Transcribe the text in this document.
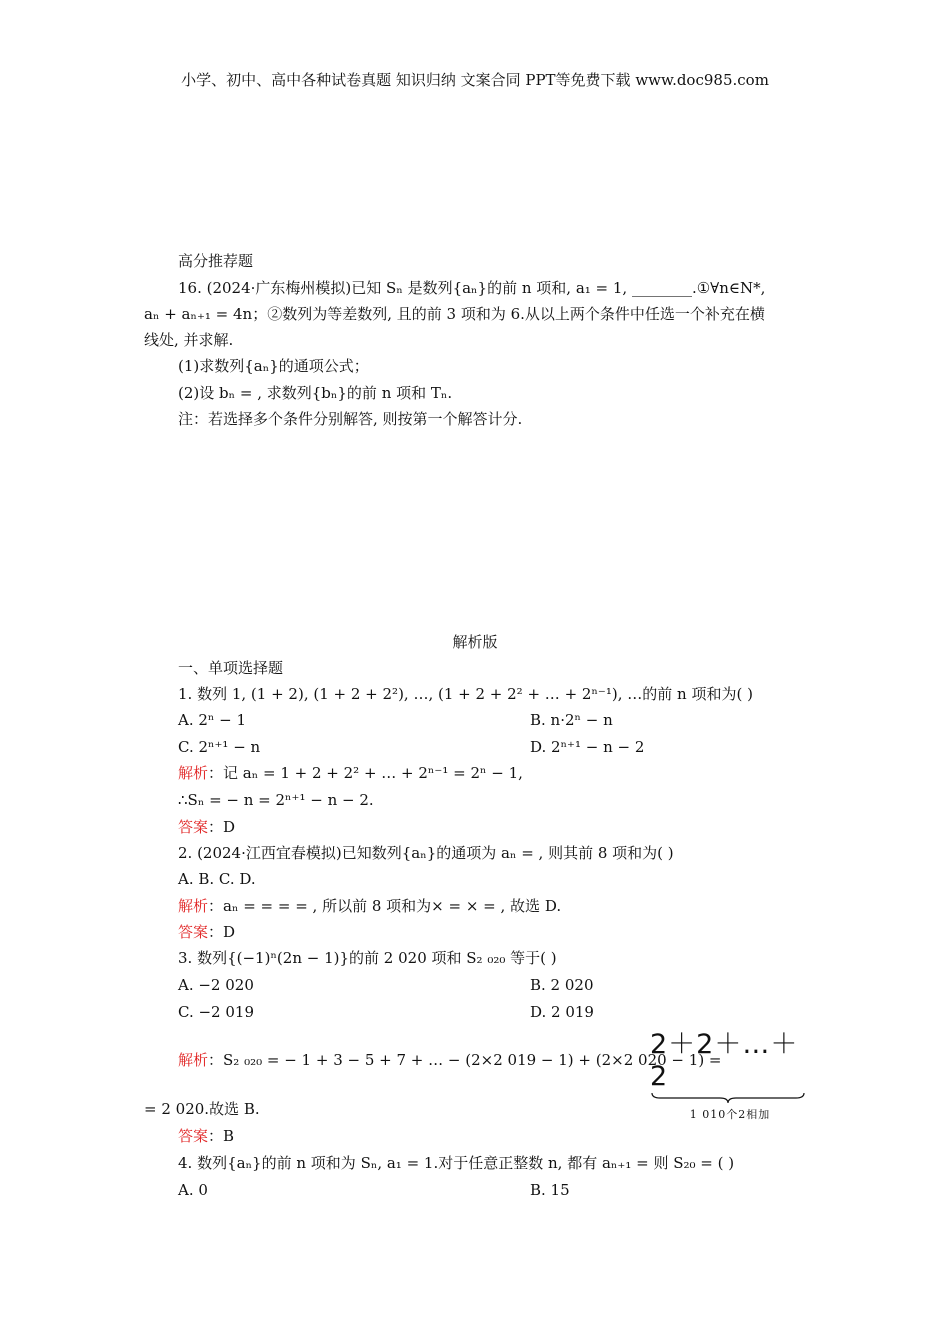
小学、初中、高中各种试卷真题 知识归纳 文案合同 PPT等免费下载 www.doc985.com
高分推荐题
16. (2024·广东梅州模拟)已知 Sₙ 是数列{aₙ}的前 n 项和, a₁ = 1, ________.①∀n∈N*,
aₙ + aₙ₊₁ = 4n；②数列为等差数列, 且的前 3 项和为 6.从以上两个条件中任选一个补充在横
线处, 并求解.
(1)求数列{aₙ}的通项公式；
(2)设 bₙ = , 求数列{bₙ}的前 n 项和 Tₙ.
注：若选择多个条件分别解答, 则按第一个解答计分.
解析版
一、单项选择题
1. 数列 1, (1 + 2), (1 + 2 + 2²), …, (1 + 2 + 2² + … + 2ⁿ⁻¹), …的前 n 项和为( )
A. 2ⁿ − 1	B. n·2ⁿ − n
C. 2ⁿ⁺¹ − n	D. 2ⁿ⁺¹ − n − 2
解析：记 aₙ = 1 + 2 + 2² + … + 2ⁿ⁻¹ = 2ⁿ − 1,
∴Sₙ = − n = 2ⁿ⁺¹ − n − 2.
答案：D
2. (2024·江西宜春模拟)已知数列{aₙ}的通项为 aₙ = , 则其前 8 项和为( )
A. B. C. D.
解析：aₙ = = = = , 所以前 8 项和为× = × = , 故选 D.
答案：D
3. 数列{(−1)ⁿ(2n − 1)}的前 2 020 项和 S₂ ₀₂₀ 等于( )
A. −2 020	B. 2 020
C. −2 019	D. 2 019
解析：S₂ ₀₂₀ = − 1 + 3 − 5 + 7 + … − (2×2 019 − 1) + (2×2 020 − 1) =
2＋2＋…＋2
1 010个2相加
= 2 020.故选 B.
答案：B
4. 数列{aₙ}的前 n 项和为 Sₙ, a₁ = 1.对于任意正整数 n, 都有 aₙ₊₁ = 则 S₂₀ = ( )
A. 0	B. 15
